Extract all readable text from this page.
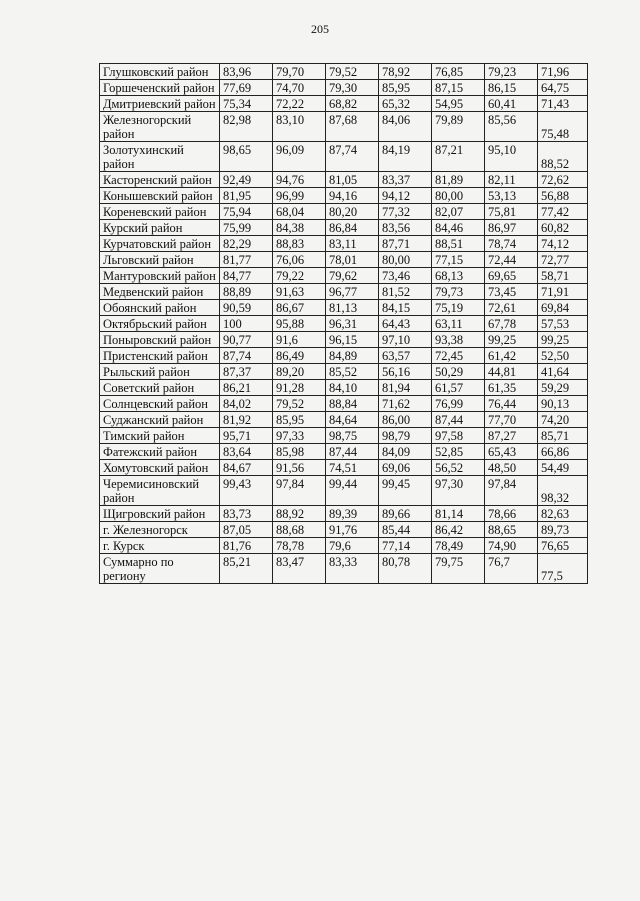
205
Глушковский район	83,96	79,70	79,52	78,92	76,85	79,23	71,96
Горшеченский район	77,69	74,70	79,30	85,95	87,15	86,15	64,75
Дмитриевский район	75,34	72,22	68,82	65,32	54,95	60,41	71,43
Железногорский район	82,98	83,10	87,68	84,06	79,89	85,56	75,48
Золотухинский район	98,65	96,09	87,74	84,19	87,21	95,10	88,52
Касторенский район	92,49	94,76	81,05	83,37	81,89	82,11	72,62
Конышевский район	81,95	96,99	94,16	94,12	80,00	53,13	56,88
Кореневский район	75,94	68,04	80,20	77,32	82,07	75,81	77,42
Курский район	75,99	84,38	86,84	83,56	84,46	86,97	60,82
Курчатовский район	82,29	88,83	83,11	87,71	88,51	78,74	74,12
Льговский район	81,77	76,06	78,01	80,00	77,15	72,44	72,77
Мантуровский район	84,77	79,22	79,62	73,46	68,13	69,65	58,71
Медвенский район	88,89	91,63	96,77	81,52	79,73	73,45	71,91
Обоянский район	90,59	86,67	81,13	84,15	75,19	72,61	69,84
Октябрьский район	100	95,88	96,31	64,43	63,11	67,78	57,53
Поныровский район	90,77	91,6	96,15	97,10	93,38	99,25	99,25
Пристенский район	87,74	86,49	84,89	63,57	72,45	61,42	52,50
Рыльский район	87,37	89,20	85,52	56,16	50,29	44,81	41,64
Советский район	86,21	91,28	84,10	81,94	61,57	61,35	59,29
Солнцевский район	84,02	79,52	88,84	71,62	76,99	76,44	90,13
Суджанский район	81,92	85,95	84,64	86,00	87,44	77,70	74,20
Тимский район	95,71	97,33	98,75	98,79	97,58	87,27	85,71
Фатежский район	83,64	85,98	87,44	84,09	52,85	65,43	66,86
Хомутовский район	84,67	91,56	74,51	69,06	56,52	48,50	54,49
Черемисиновский район	99,43	97,84	99,44	99,45	97,30	97,84	98,32
Щигровский район	83,73	88,92	89,39	89,66	81,14	78,66	82,63
г. Железногорск	87,05	88,68	91,76	85,44	86,42	88,65	89,73
г. Курск	81,76	78,78	79,6	77,14	78,49	74,90	76,65
Суммарно по региону	85,21	83,47	83,33	80,78	79,75	76,7	77,5
